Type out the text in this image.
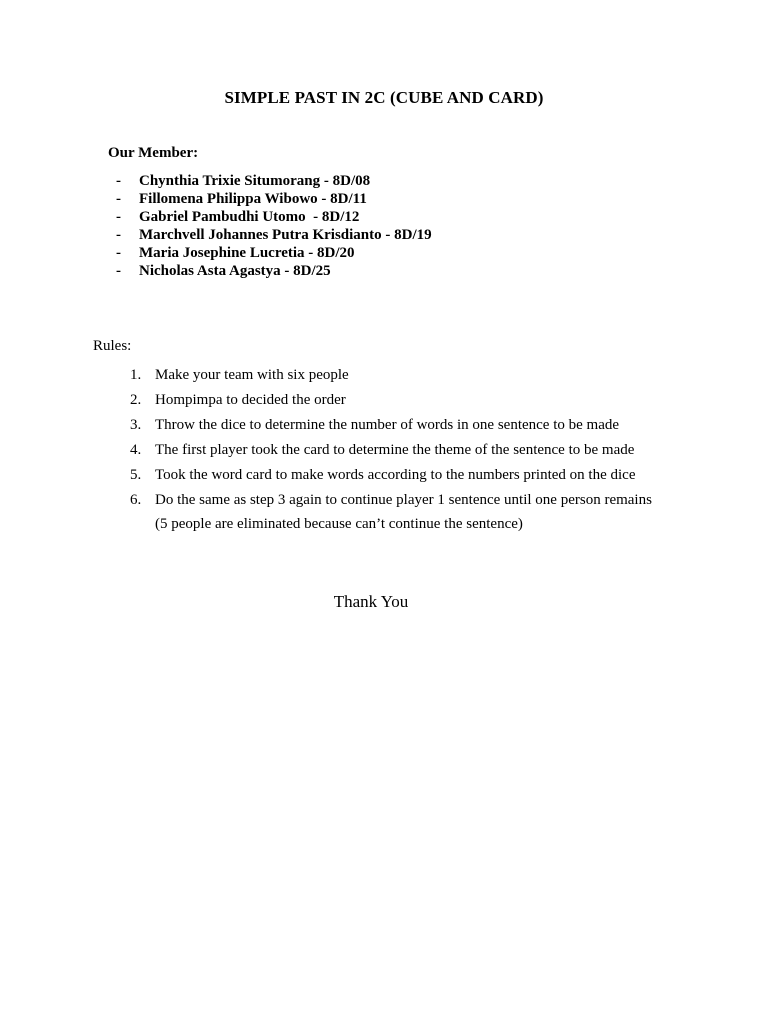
SIMPLE PAST IN 2C (CUBE AND CARD)
Our Member:
- Chynthia Trixie Situmorang - 8D/08
- Fillomena Philippa Wibowo - 8D/11
- Gabriel Pambudhi Utomo  - 8D/12
- Marchvell Johannes Putra Krisdianto - 8D/19
- Maria Josephine Lucretia - 8D/20
- Nicholas Asta Agastya - 8D/25
Rules:
1. Make your team with six people
2. Hompimpa to decided the order
3. Throw the dice to determine the number of words in one sentence to be made
4. The first player took the card to determine the theme of the sentence to be made
5. Took the word card to make words according to the numbers printed on the dice
6. Do the same as step 3 again to continue player 1 sentence until one person remains
(5 people are eliminated because can’t continue the sentence)
Thank You
